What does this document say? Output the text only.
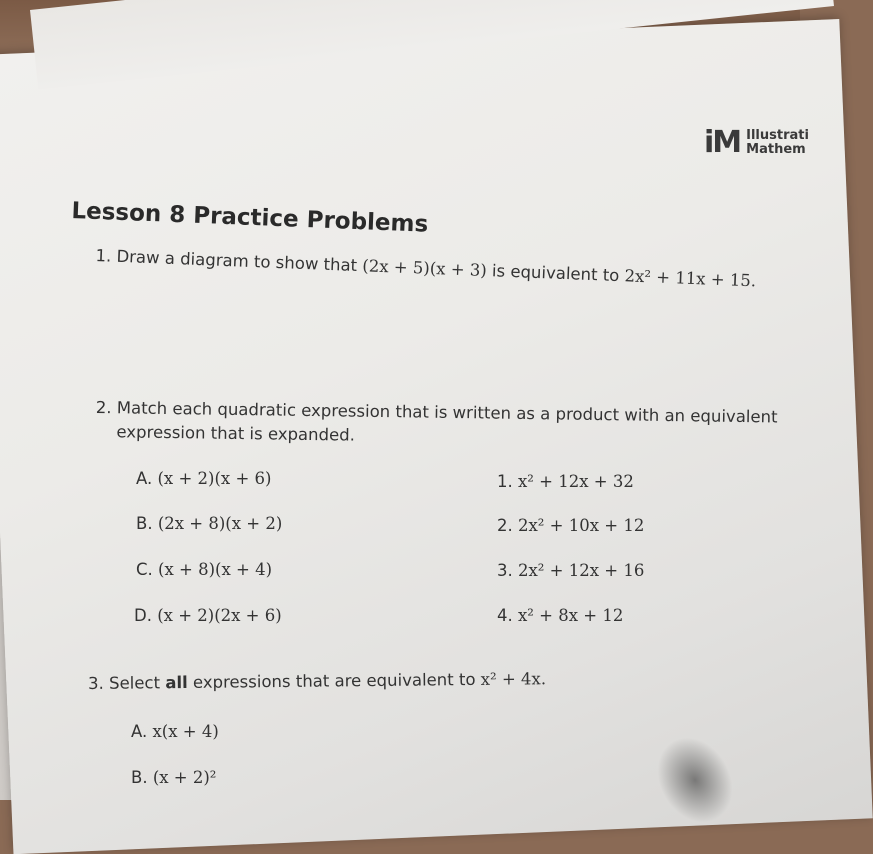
iM Illustrati
Mathem
Lesson 8 Practice Problems
1. Draw a diagram to show that (2x + 5)(x + 3) is equivalent to 2x² + 11x + 15.
2. Match each quadratic expression that is written as a product with an equivalent
expression that is expanded.
A. (x + 2)(x + 6)
B. (2x + 8)(x + 2)
C. (x + 8)(x + 4)
D. (x + 2)(2x + 6)
1. x² + 12x + 32
2. 2x² + 10x + 12
3. 2x² + 12x + 16
4. x² + 8x + 12
3. Select all expressions that are equivalent to x² + 4x.
A. x(x + 4)
B. (x + 2)²
